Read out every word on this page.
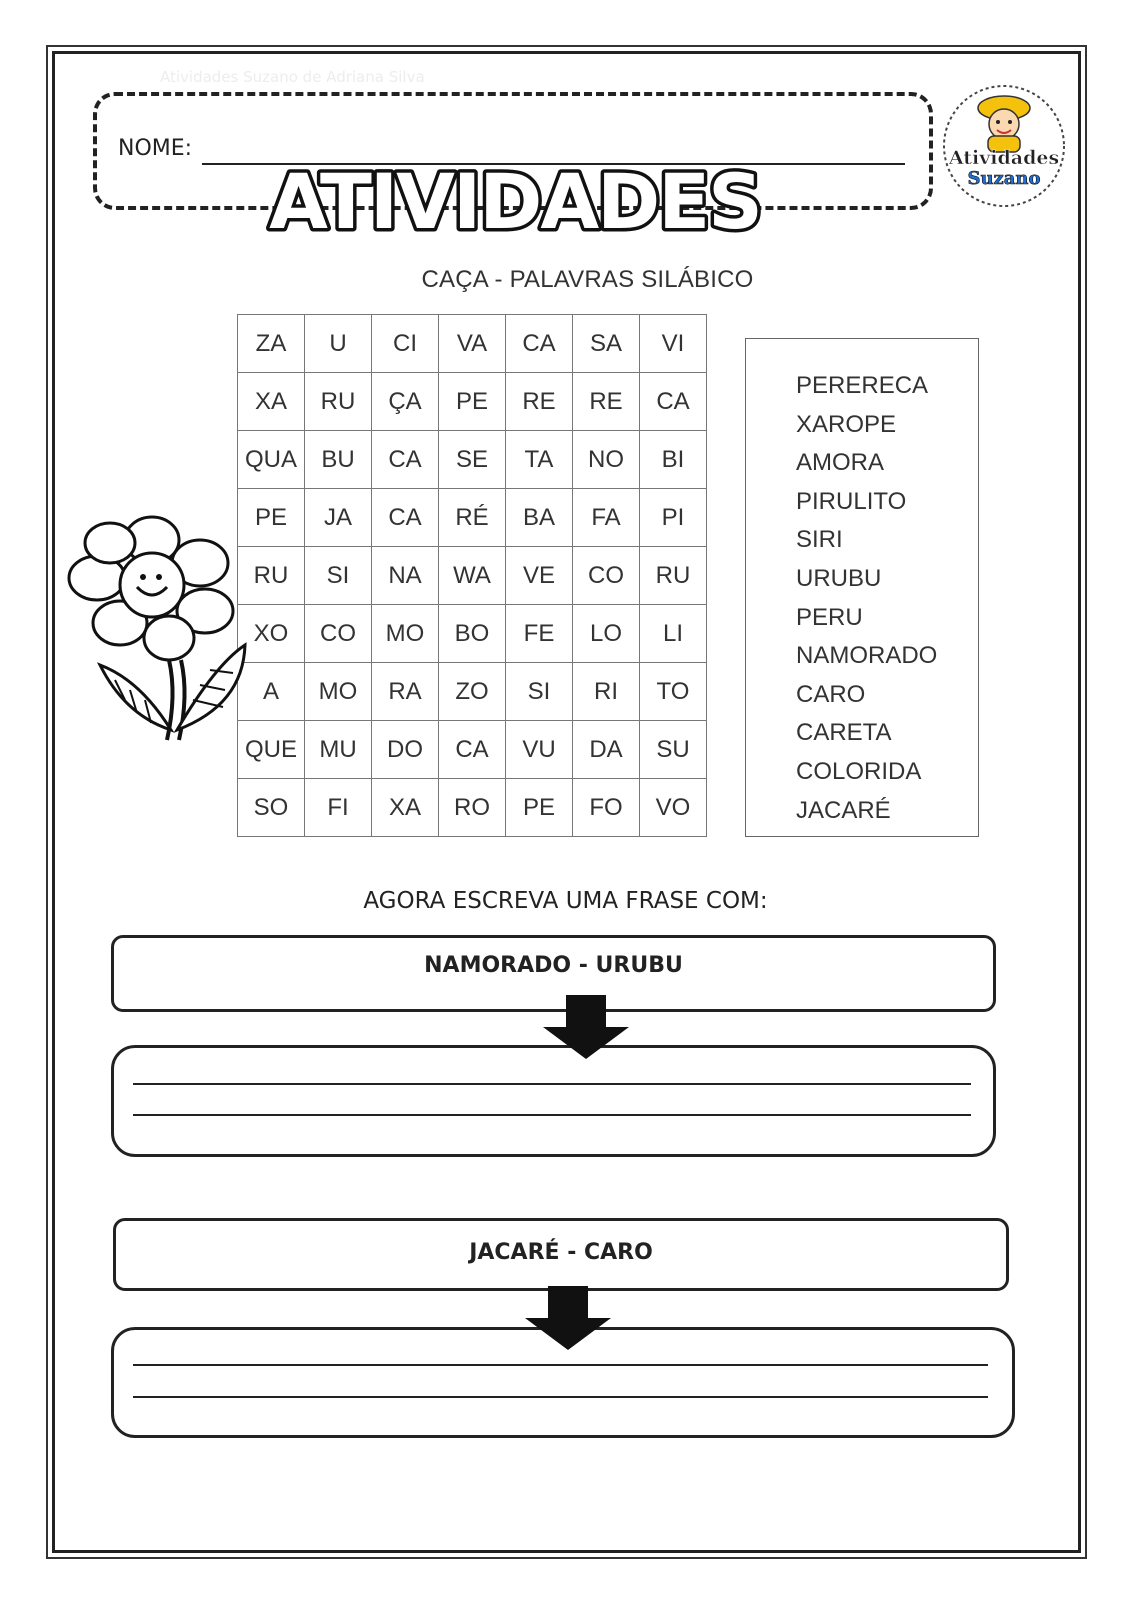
Atividades Suzano de Adriana Silva
NOME:	Atividades
Suzano
ATIVIDADES
CAÇA - PALAVRAS SILÁBICO
ZA	U	CI	VA	CA	SA	VI
XA	RU	ÇA	PE	RE	RE	CA
QUA	BU	CA	SE	TA	NO	BI
PE	JA	CA	RÉ	BA	FA	PI
RU	SI	NA	WA	VE	CO	RU
XO	CO	MO	BO	FE	LO	LI
A	MO	RA	ZO	SI	RI	TO
QUE	MU	DO	CA	VU	DA	SU
SO	FI	XA	RO	PE	FO	VO
PERERECA
XAROPE
AMORA
PIRULITO
SIRI
URUBU
PERU
NAMORADO
CARO
CARETA
COLORIDA
JACARÉ
AGORA ESCREVA UMA FRASE COM:
NAMORADO - URUBU
JACARÉ - CARO
